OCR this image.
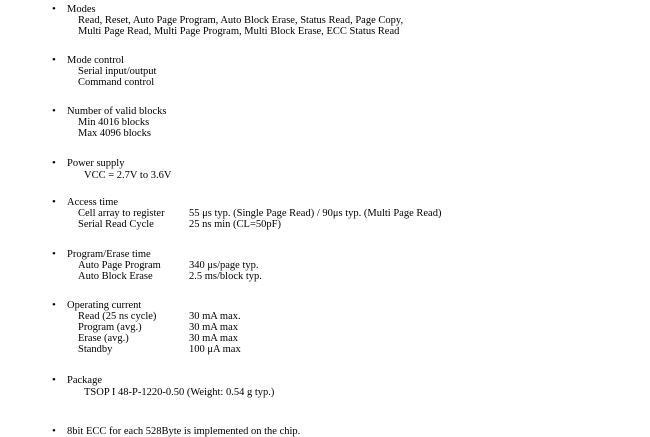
• Modes
Read, Reset, Auto Page Program, Auto Block Erase, Status Read, Page Copy,
Multi Page Read, Multi Page Program, Multi Block Erase, ECC Status Read
• Mode control
Serial input/output
Command control
• Number of valid blocks
Min 4016 blocks
Max 4096 blocks
• Power supply
VCC = 2.7V to 3.6V
• Access time
Cell array to register 55 μs typ. (Single Page Read) / 90μs typ. (Multi Page Read)
Serial Read Cycle	25 ns min (CL=50pF)
• Program/Erase time
Auto Page Program	340 μs/page typ.
Auto Block Erase	2.5 ms/block typ.
• Operating current
Read (25 ns cycle)	30 mA max.
Program (avg.)	30 mA max
Erase (avg.)	30 mA max
Standby	100 μA max
• Package
TSOP I 48-P-1220-0.50 (Weight: 0.54 g typ.)
• 8bit ECC for each 528Byte is implemented on the chip.
